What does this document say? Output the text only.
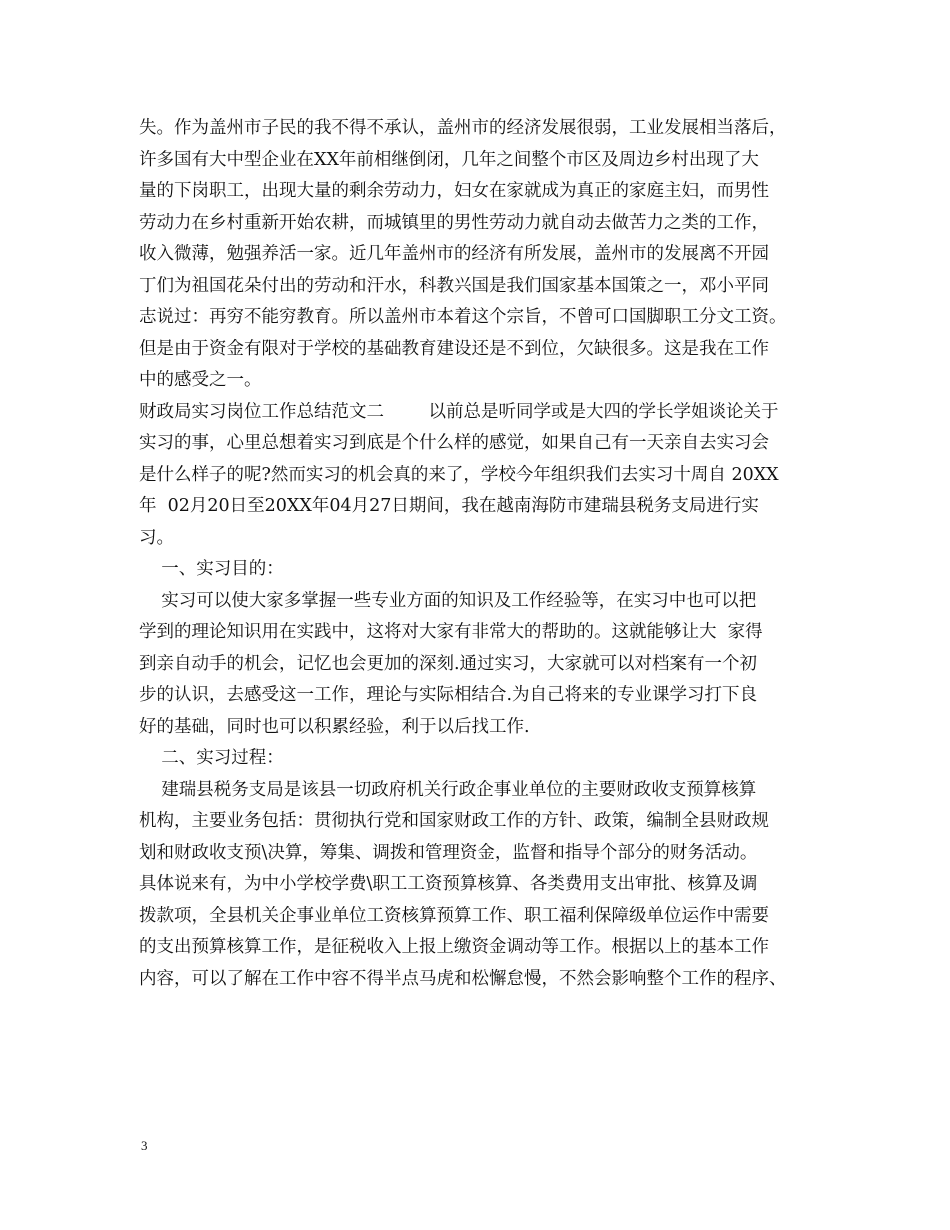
失。作为盖州市子民的我不得不承认，盖州市的经济发展很弱，工业发展相当落后，
许多国有大中型企业在XX年前相继倒闭，几年之间整个市区及周边乡村出现了大
量的下岗职工，出现大量的剩余劳动力，妇女在家就成为真正的家庭主妇，而男性
劳动力在乡村重新开始农耕，而城镇里的男性劳动力就自动去做苦力之类的工作，
收入微薄，勉强养活一家。近几年盖州市的经济有所发展，盖州市的发展离不开园
丁们为祖国花朵付出的劳动和汗水，科教兴国是我们国家基本国策之一，邓小平同
志说过：再穷不能穷教育。所以盖州市本着这个宗旨，不曾可口国脚职工分文工资。
但是由于资金有限对于学校的基础教育建设还是不到位，欠缺很多。这是我在工作
中的感受之一。
财政局实习岗位工作总结范文二        以前总是听同学或是大四的学长学姐谈论关于
实习的事，心里总想着实习到底是个什么样的感觉，如果自己有一天亲自去实习会
是什么样子的呢?然而实习的机会真的来了，学校今年组织我们去实习十周自 20XX
年  02月20日至20XX年04月27日期间，我在越南海防市建瑞县税务支局进行实
习。
一、实习目的：
实习可以使大家多掌握一些专业方面的知识及工作经验等，在实习中也可以把
学到的理论知识用在实践中，这将对大家有非常大的帮助的。这就能够让大  家得
到亲自动手的机会，记忆也会更加的深刻.通过实习，大家就可以对档案有一个初
步的认识，去感受这一工作，理论与实际相结合.为自己将来的专业课学习打下良
好的基础，同时也可以积累经验，利于以后找工作.
二、实习过程：
建瑞县税务支局是该县一切政府机关行政企事业单位的主要财政收支预算核算
机构，主要业务包括：贯彻执行党和国家财政工作的方针、政策，编制全县财政规
划和财政收支预\决算，筹集、调拨和管理资金，监督和指导个部分的财务活动。
具体说来有，为中小学校学费\职工工资预算核算、各类费用支出审批、核算及调
拨款项，全县机关企事业单位工资核算预算工作、职工福利保障级单位运作中需要
的支出预算核算工作，是征税收入上报上缴资金调动等工作。根据以上的基本工作
内容，可以了解在工作中容不得半点马虎和松懈怠慢，不然会影响整个工作的程序、
3
